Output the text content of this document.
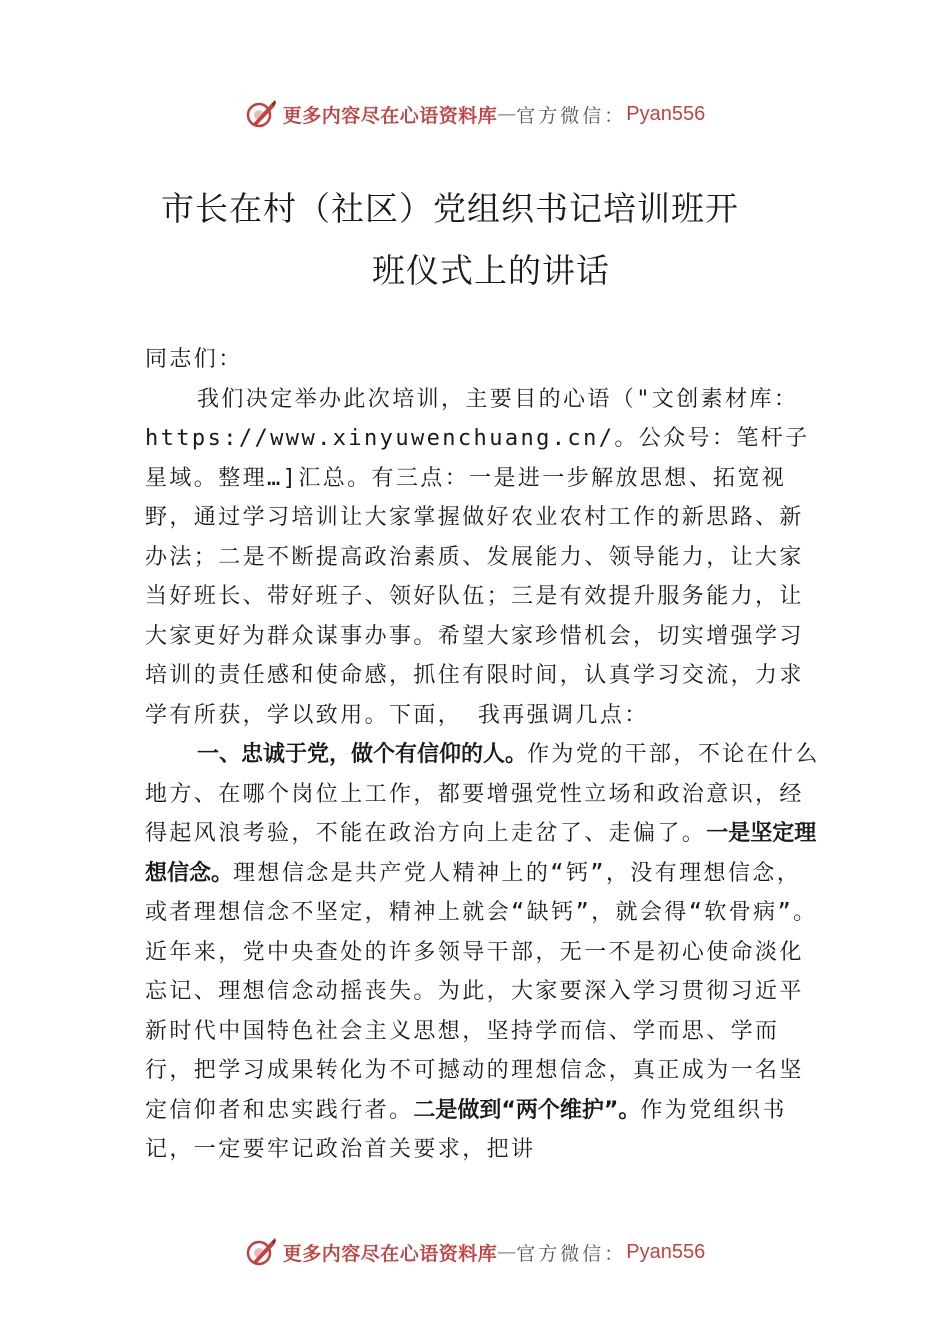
更多内容尽在心语资料库 — 官方微信： Pyan556
市长在村（社区）党组织书记培训班开
班仪式上的讲话

同志们：

我们决定举办此次培训，主要目的心语（"文创素材库：https://www.xinyuwenchuang.cn/。公众号：笔杆子星域。整理…]汇总。有三点：一是进一步解放思想、拓宽视野，通过学习培训让大家掌握做好农业农村工作的新思路、新办法；二是不断提高政治素质、发展能力、领导能力，让大家当好班长、带好班子、领好队伍；三是有效提升服务能力，让大家更好为群众谋事办事。希望大家珍惜机会，切实增强学习培训的责任感和使命感，抓住有限时间，认真学习交流，力求学有所获，学以致用。下面， 我再强调几点：

一、忠诚于党，做个有信仰的人。作为党的干部，不论在什么地方、在哪个岗位上工作，都要增强党性立场和政治意识，经得起风浪考验，不能在政治方向上走岔了、走偏了。一是坚定理想信念。理想信念是共产党人精神上的“钙”，没有理想信念，或者理想信念不坚定，精神上就会“缺钙”，就会得“软骨病”。近年来，党中央查处的许多领导干部，无一不是初心使命淡化忘记、理想信念动摇丧失。为此，大家要深入学习贯彻习近平新时代中国特色社会主义思想，坚持学而信、学而思、学而行，把学习成果转化为不可撼动的理想信念，真正成为一名坚定信仰者和忠实践行者。二是做到“两个维护”。作为党组织书记，一定要牢记政治首关要求，把讲

更多内容尽在心语资料库 — 官方微信： Pyan556
